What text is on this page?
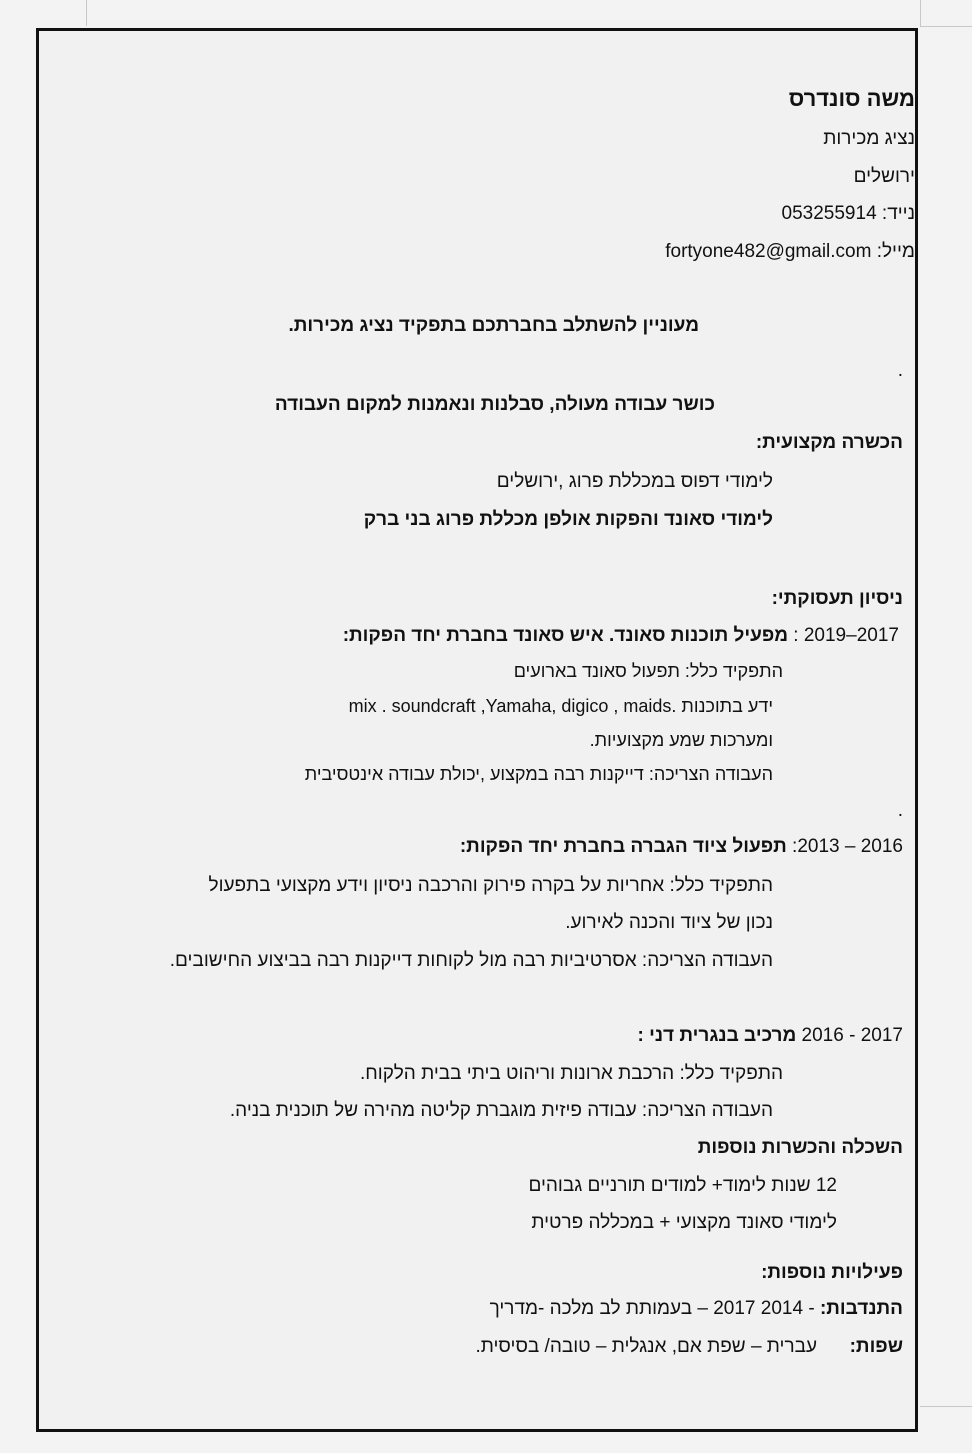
משה סונדרס
נציג מכירות
ירושלים
נייד: 053255914
מייל: fortyone482@gmail.com
מעוניין להשתלב בחברתכם בתפקיד נציג מכירות.
.
כושר עבודה מעולה, סבלנות ונאמנות למקום העבודה
הכשרה מקצועית:
לימודי דפוס במכללת פרוג ,ירושלים
לימודי סאונד והפקות אולפן מכללת פרוג בני ברק
ניסיון תעסוקתי:
2017–2019 : מפעיל תוכנות סאונד. איש סאונד בחברת יחד הפקות:
התפקיד כלל: תפעול סאונד בארועים
ידע בתוכנות .mix . soundcraft ,Yamaha, digico , maids
ומערכות שמע מקצועיות.
העבודה הצריכה: דייקנות רבה במקצוע ,יכולת עבודה אינטסיבית
.
2016 – 2013: תפעול ציוד הגברה בחברת יחד הפקות:
התפקיד כלל: אחריות על בקרה פירוק והרכבה ניסיון וידע מקצועי בתפעול
נכון של ציוד והכנה לאירוע.
העבודה הצריכה: אסרטיביות רבה מול לקוחות דייקנות רבה בביצוע החישובים.
2017 - 2016 מרכיב בנגרית דני :
התפקיד כלל: הרכבת ארונות וריהוט ביתי בבית הלקוח.
העבודה הצריכה: עבודה פיזית מוגברת קליטה מהירה של תוכנית בניה.
השכלה והכשרות נוספות
12 שנות לימוד+ למודים תורניים גבוהים
לימודי סאונד מקצועי + במכללה פרטית
פעילויות נוספות:
התנדבות: - 2014 2017 – בעמותת לב מלכה -מדריך
שפות:  עברית – שפת אם, אנגלית – טובה/ בסיסית.
